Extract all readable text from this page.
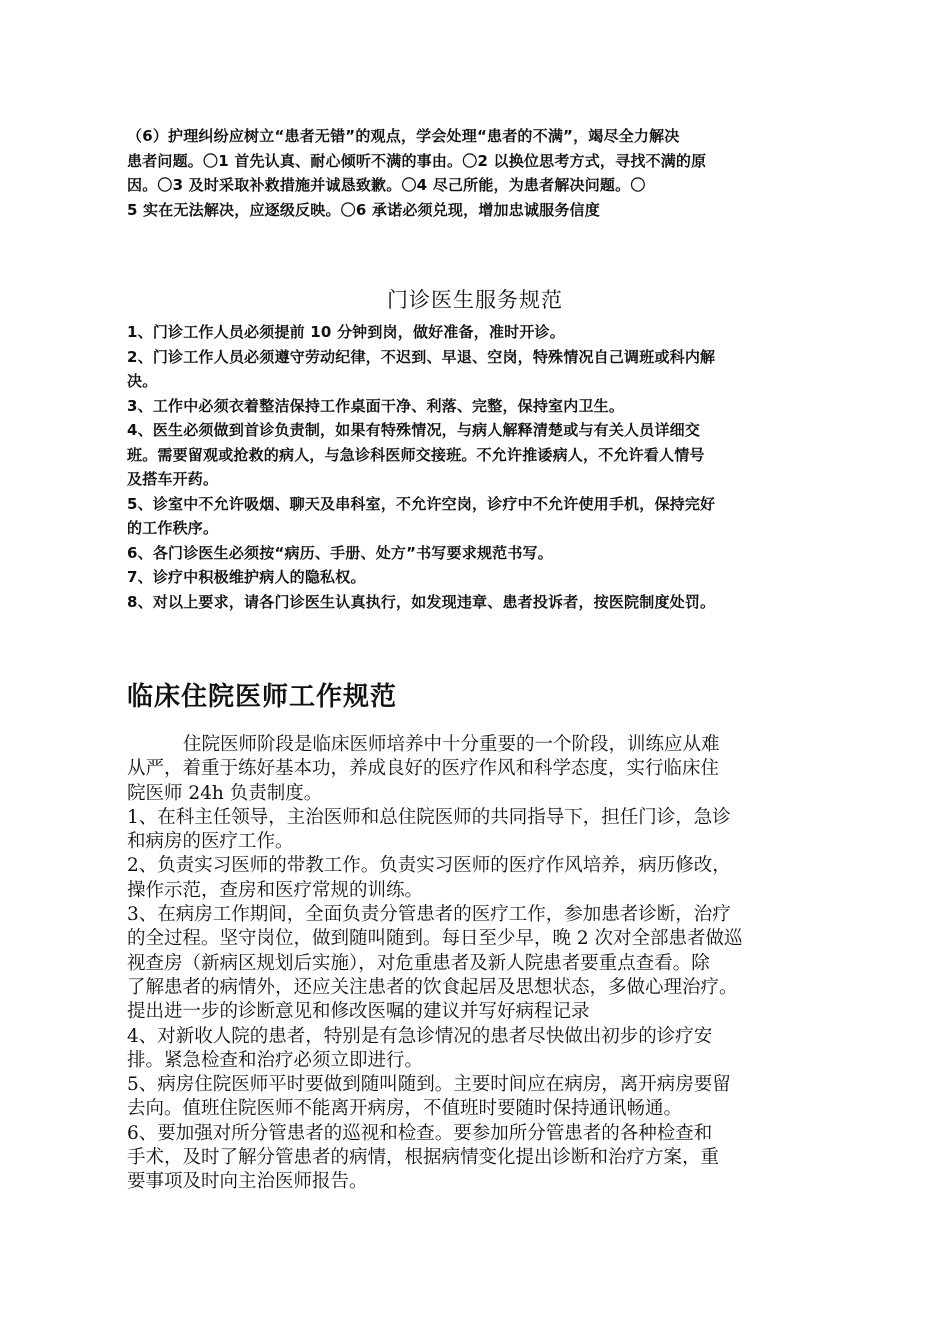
（6）护理纠纷应树立“患者无错”的观点，学会处理“患者的不满”，竭尽全力解决

患者问题。〇1 首先认真、耐心倾听不满的事由。〇2 以换位思考方式，寻找不满的原

因。〇3 及时采取补救措施并诚恳致歉。〇4 尽己所能，为患者解决问题。〇

5 实在无法解决，应逐级反映。〇6 承诺必须兑现，增加忠诚服务信度

门诊医生服务规范

1、门诊工作人员必须提前 10 分钟到岗，做好准备，准时开诊。

2、门诊工作人员必须遵守劳动纪律，不迟到、早退、空岗，特殊情况自己调班或科内解

决。

3、工作中必须衣着整洁保持工作桌面干净、利落、完整，保持室内卫生。

4、医生必须做到首诊负责制，如果有特殊情况，与病人解释清楚或与有关人员详细交

班。需要留观或抢救的病人，与急诊科医师交接班。不允许推诿病人，不允许看人情号

及搭车开药。

5、诊室中不允许吸烟、聊天及串科室，不允许空岗，诊疗中不允许使用手机，保持完好

的工作秩序。

6、各门诊医生必须按“病历、手册、处方”书写要求规范书写。

7、诊疗中积极维护病人的隐私权。

8、对以上要求，请各门诊医生认真执行，如发现违章、患者投诉者，按医院制度处罚。

临床住院医师工作规范

住院医师阶段是临床医师培养中十分重要的一个阶段，训练应从难

从严，着重于练好基本功，养成良好的医疗作风和科学态度，实行临床住

院医师 24h 负责制度。

1、在科主任领导，主治医师和总住院医师的共同指导下，担任门诊，急诊

和病房的医疗工作。

2、负责实习医师的带教工作。负责实习医师的医疗作风培养，病历修改，

操作示范，查房和医疗常规的训练。

3、在病房工作期间，全面负责分管患者的医疗工作，参加患者诊断，治疗

的全过程。坚守岗位，做到随叫随到。每日至少早，晚 2 次对全部患者做巡

视查房（新病区规划后实施），对危重患者及新人院患者要重点查看。除

了解患者的病情外，还应关注患者的饮食起居及思想状态，多做心理治疗。

提出进一步的诊断意见和修改医嘱的建议并写好病程记录

4、对新收人院的患者，特别是有急诊情况的患者尽快做出初步的诊疗安

排。紧急检查和治疗必须立即进行。

5、病房住院医师平时要做到随叫随到。主要时间应在病房，离开病房要留

去向。值班住院医师不能离开病房，不值班时要随时保持通讯畅通。

6、要加强对所分管患者的巡视和检查。要参加所分管患者的各种检查和

手术，及时了解分管患者的病情，根据病情变化提出诊断和治疗方案，重

要事项及时向主治医师报告。
